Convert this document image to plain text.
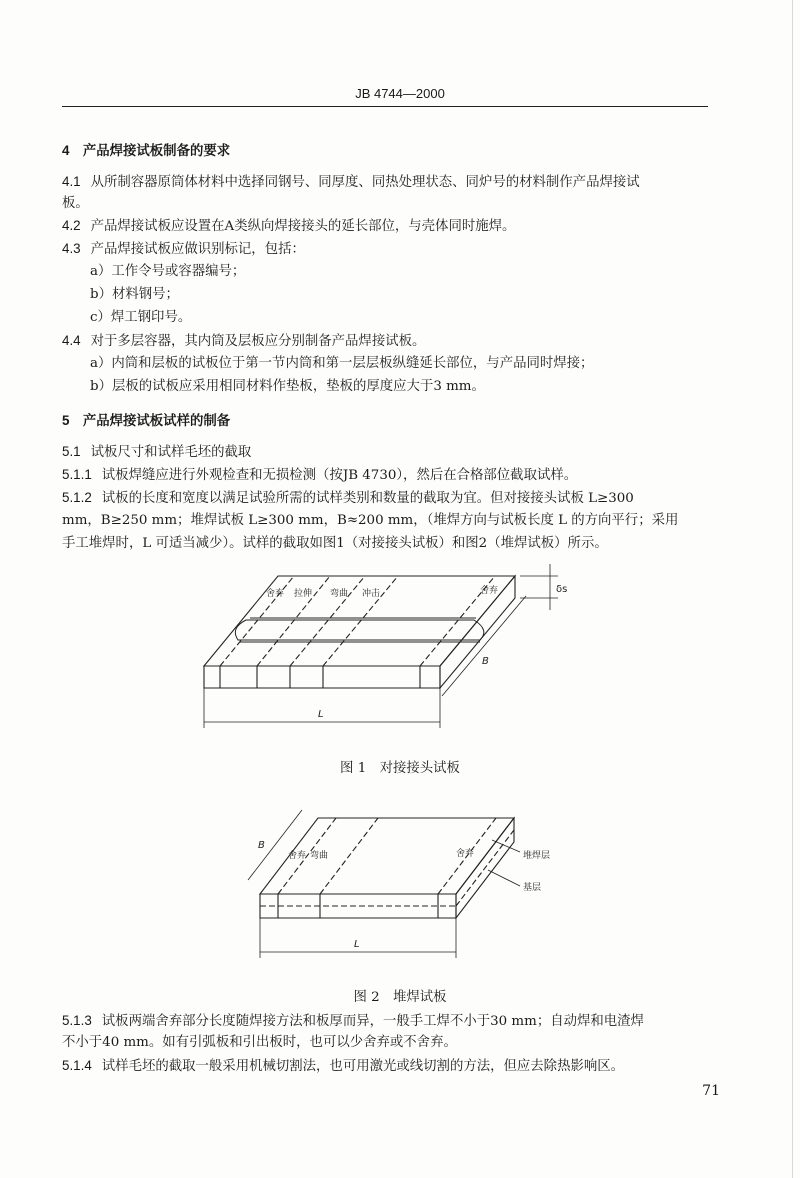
JB 4744—2000
4　产品焊接试板制备的要求
4.1 从所制容器原筒体材料中选择同钢号、同厚度、同热处理状态、同炉号的材料制作产品焊接试
板。
4.2 产品焊接试板应设置在A类纵向焊接接头的延长部位，与壳体同时施焊。
4.3 产品焊接试板应做识别标记，包括：
a）工作令号或容器编号；
b）材料钢号；
c）焊工钢印号。
4.4 对于多层容器，其内筒及层板应分别制备产品焊接试板。
a）内筒和层板的试板位于第一节内筒和第一层层板纵缝延长部位，与产品同时焊接；
b）层板的试板应采用相同材料作垫板，垫板的厚度应大于3 mm。
5　产品焊接试板试样的制备
5.1 试板尺寸和试样毛坯的截取
5.1.1 试板焊缝应进行外观检查和无损检测（按JB 4730），然后在合格部位截取试样。
5.1.2 试板的长度和宽度以满足试验所需的试样类别和数量的截取为宜。但对接接头试板 L≥300
mm，B≥250 mm；堆焊试板 L≥300 mm，B≈200 mm，（堆焊方向与试板长度 L 的方向平行；采用
手工堆焊时，L 可适当减少）。试样的截取如图1（对接接头试板）和图2（堆焊试板）所示。
舍弃 拉伸 弯曲 冲击	舍弃	δs
L
B
图 1　对接接头试板
舍弃 弯曲	舍弃	堆焊层
基层
L
B
图 2　堆焊试板
5.1.3 试板两端舍弃部分长度随焊接方法和板厚而异，一般手工焊不小于30 mm；自动焊和电渣焊
不小于40 mm。如有引弧板和引出板时，也可以少舍弃或不舍弃。
5.1.4 试样毛坯的截取一般采用机械切割法，也可用激光或线切割的方法，但应去除热影响区。
71
